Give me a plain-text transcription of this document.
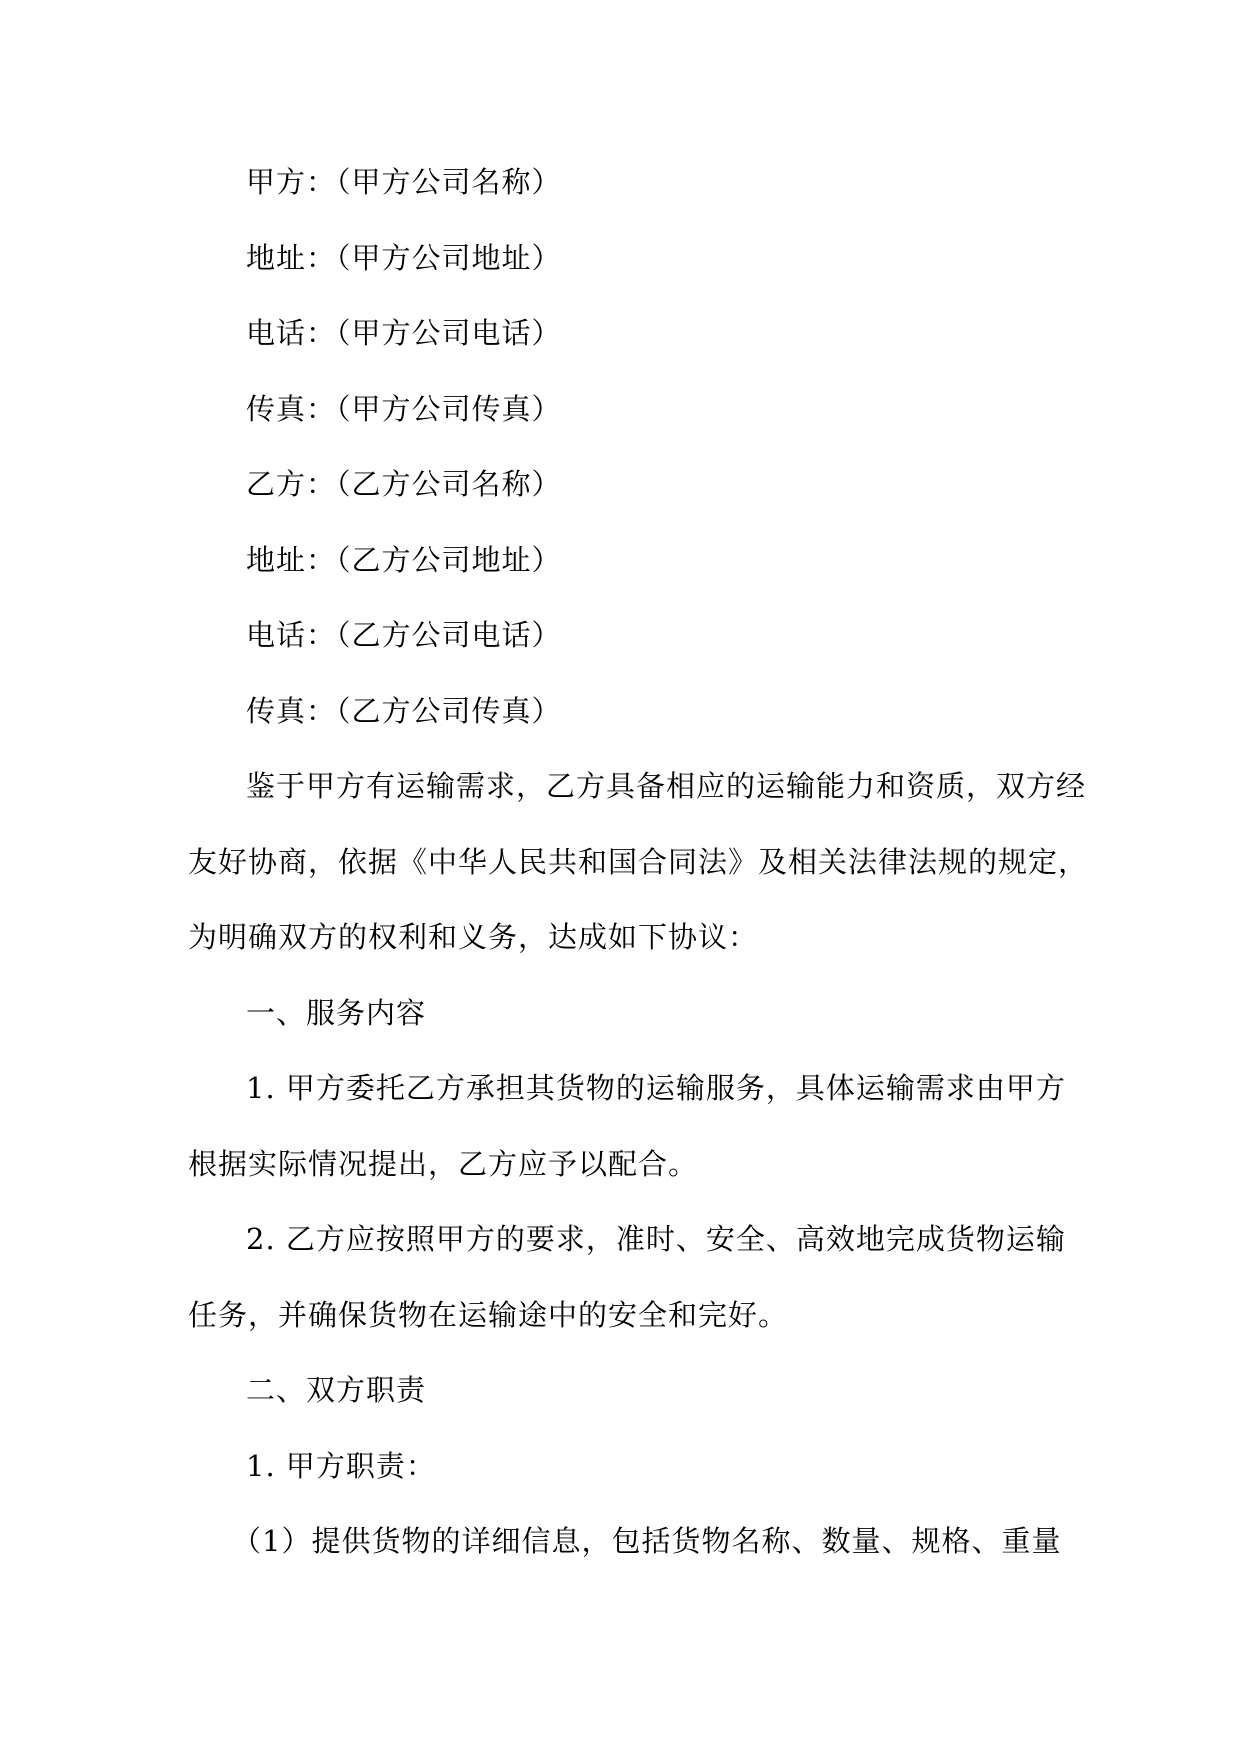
甲方：（甲方公司名称）
地址：（甲方公司地址）
电话：（甲方公司电话）
传真：（甲方公司传真）
乙方：（乙方公司名称）
地址：（乙方公司地址）
电话：（乙方公司电话）
传真：（乙方公司传真）
鉴于甲方有运输需求，乙方具备相应的运输能力和资质，双方经
友好协商，依据《中华人民共和国合同法》及相关法律法规的规定，
为明确双方的权利和义务，达成如下协议：
一、服务内容
1. 甲方委托乙方承担其货物的运输服务，具体运输需求由甲方
根据实际情况提出，乙方应予以配合。
2. 乙方应按照甲方的要求，准时、安全、高效地完成货物运输
任务，并确保货物在运输途中的安全和完好。
二、双方职责
1. 甲方职责：
（1）提供货物的详细信息，包括货物名称、数量、规格、重量
